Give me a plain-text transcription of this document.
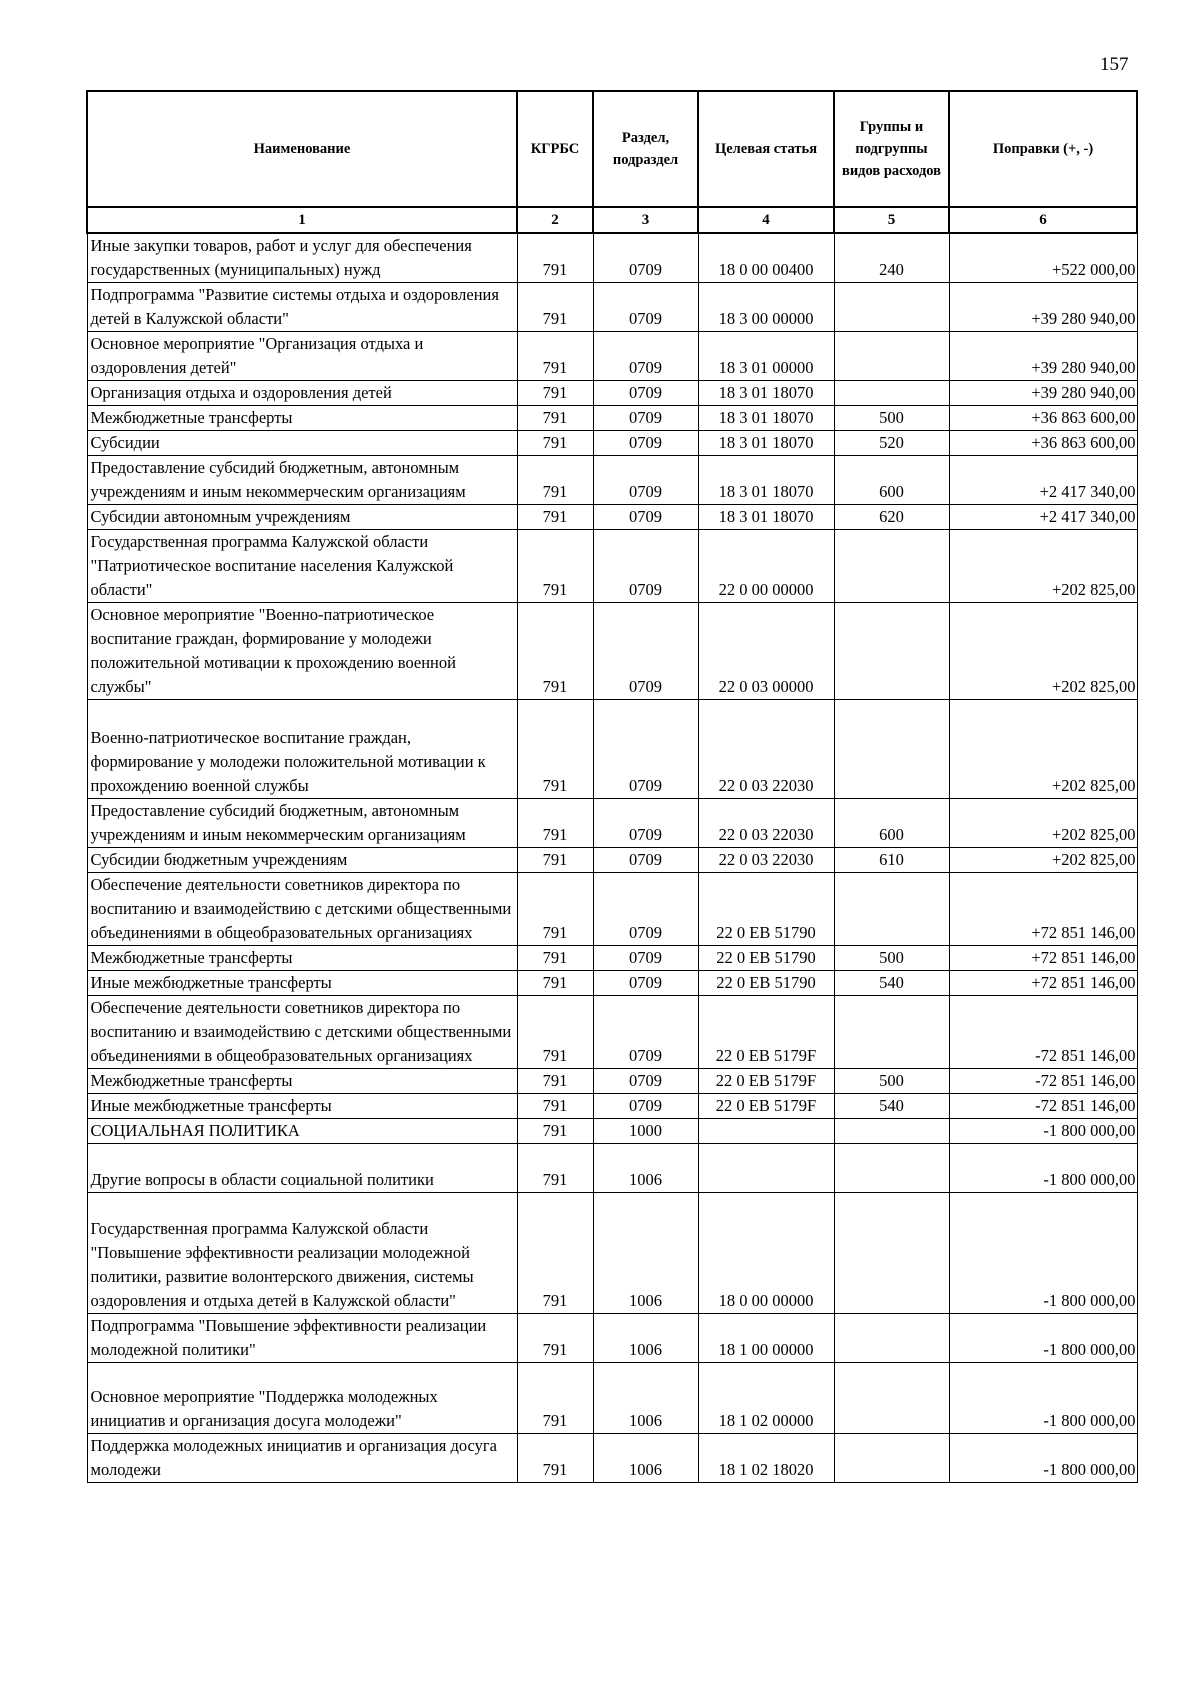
157
Наименование	КГРБС	Раздел, подраздел	Целевая статья	Группы и подгруппы видов расходов	Поправки (+, -)
1	2	3	4	5	6
Иные закупки товаров, работ и услуг для обеспечения государственных (муниципальных) нужд	791	0709	18 0 00 00400	240	+522 000,00
Подпрограмма "Развитие системы отдыха и оздоровления детей в Калужской области"	791	0709	18 3 00 00000		+39 280 940,00
Основное мероприятие "Организация отдыха и оздоровления детей"	791	0709	18 3 01 00000		+39 280 940,00
Организация отдыха и оздоровления детей	791	0709	18 3 01 18070		+39 280 940,00
Межбюджетные трансферты	791	0709	18 3 01 18070	500	+36 863 600,00
Субсидии	791	0709	18 3 01 18070	520	+36 863 600,00
Предоставление субсидий бюджетным, автономным учреждениям и иным некоммерческим организациям	791	0709	18 3 01 18070	600	+2 417 340,00
Субсидии автономным учреждениям	791	0709	18 3 01 18070	620	+2 417 340,00
Государственная программа Калужской области "Патриотическое воспитание населения Калужской области"	791	0709	22 0 00 00000		+202 825,00
Основное мероприятие "Военно-патриотическое воспитание граждан, формирование у молодежи положительной мотивации к прохождению военной службы"	791	0709	22 0 03 00000		+202 825,00
Военно-патриотическое воспитание граждан, формирование у молодежи положительной мотивации к прохождению военной службы	791	0709	22 0 03 22030		+202 825,00
Предоставление субсидий бюджетным, автономным учреждениям и иным некоммерческим организациям	791	0709	22 0 03 22030	600	+202 825,00
Субсидии бюджетным учреждениям	791	0709	22 0 03 22030	610	+202 825,00
Обеспечение деятельности советников директора по воспитанию и взаимодействию с детскими общественными объединениями в общеобразовательных организациях	791	0709	22 0 EB 51790		+72 851 146,00
Межбюджетные трансферты	791	0709	22 0 EB 51790	500	+72 851 146,00
Иные межбюджетные трансферты	791	0709	22 0 EB 51790	540	+72 851 146,00
Обеспечение деятельности советников директора по воспитанию и взаимодействию с детскими общественными объединениями в общеобразовательных организациях	791	0709	22 0 EB 5179F		-72 851 146,00
Межбюджетные трансферты	791	0709	22 0 EB 5179F	500	-72 851 146,00
Иные межбюджетные трансферты	791	0709	22 0 EB 5179F	540	-72 851 146,00
СОЦИАЛЬНАЯ ПОЛИТИКА	791	1000			-1 800 000,00
Другие вопросы в области социальной политики	791	1006			-1 800 000,00
Государственная программа Калужской области "Повышение эффективности реализации молодежной политики, развитие волонтерского движения, системы оздоровления и отдыха детей в Калужской области"	791	1006	18 0 00 00000		-1 800 000,00
Подпрограмма "Повышение эффективности реализации молодежной политики"	791	1006	18 1 00 00000		-1 800 000,00
Основное мероприятие "Поддержка молодежных инициатив и организация досуга молодежи"	791	1006	18 1 02 00000		-1 800 000,00
Поддержка молодежных инициатив и организация досуга молодежи	791	1006	18 1 02 18020		-1 800 000,00
